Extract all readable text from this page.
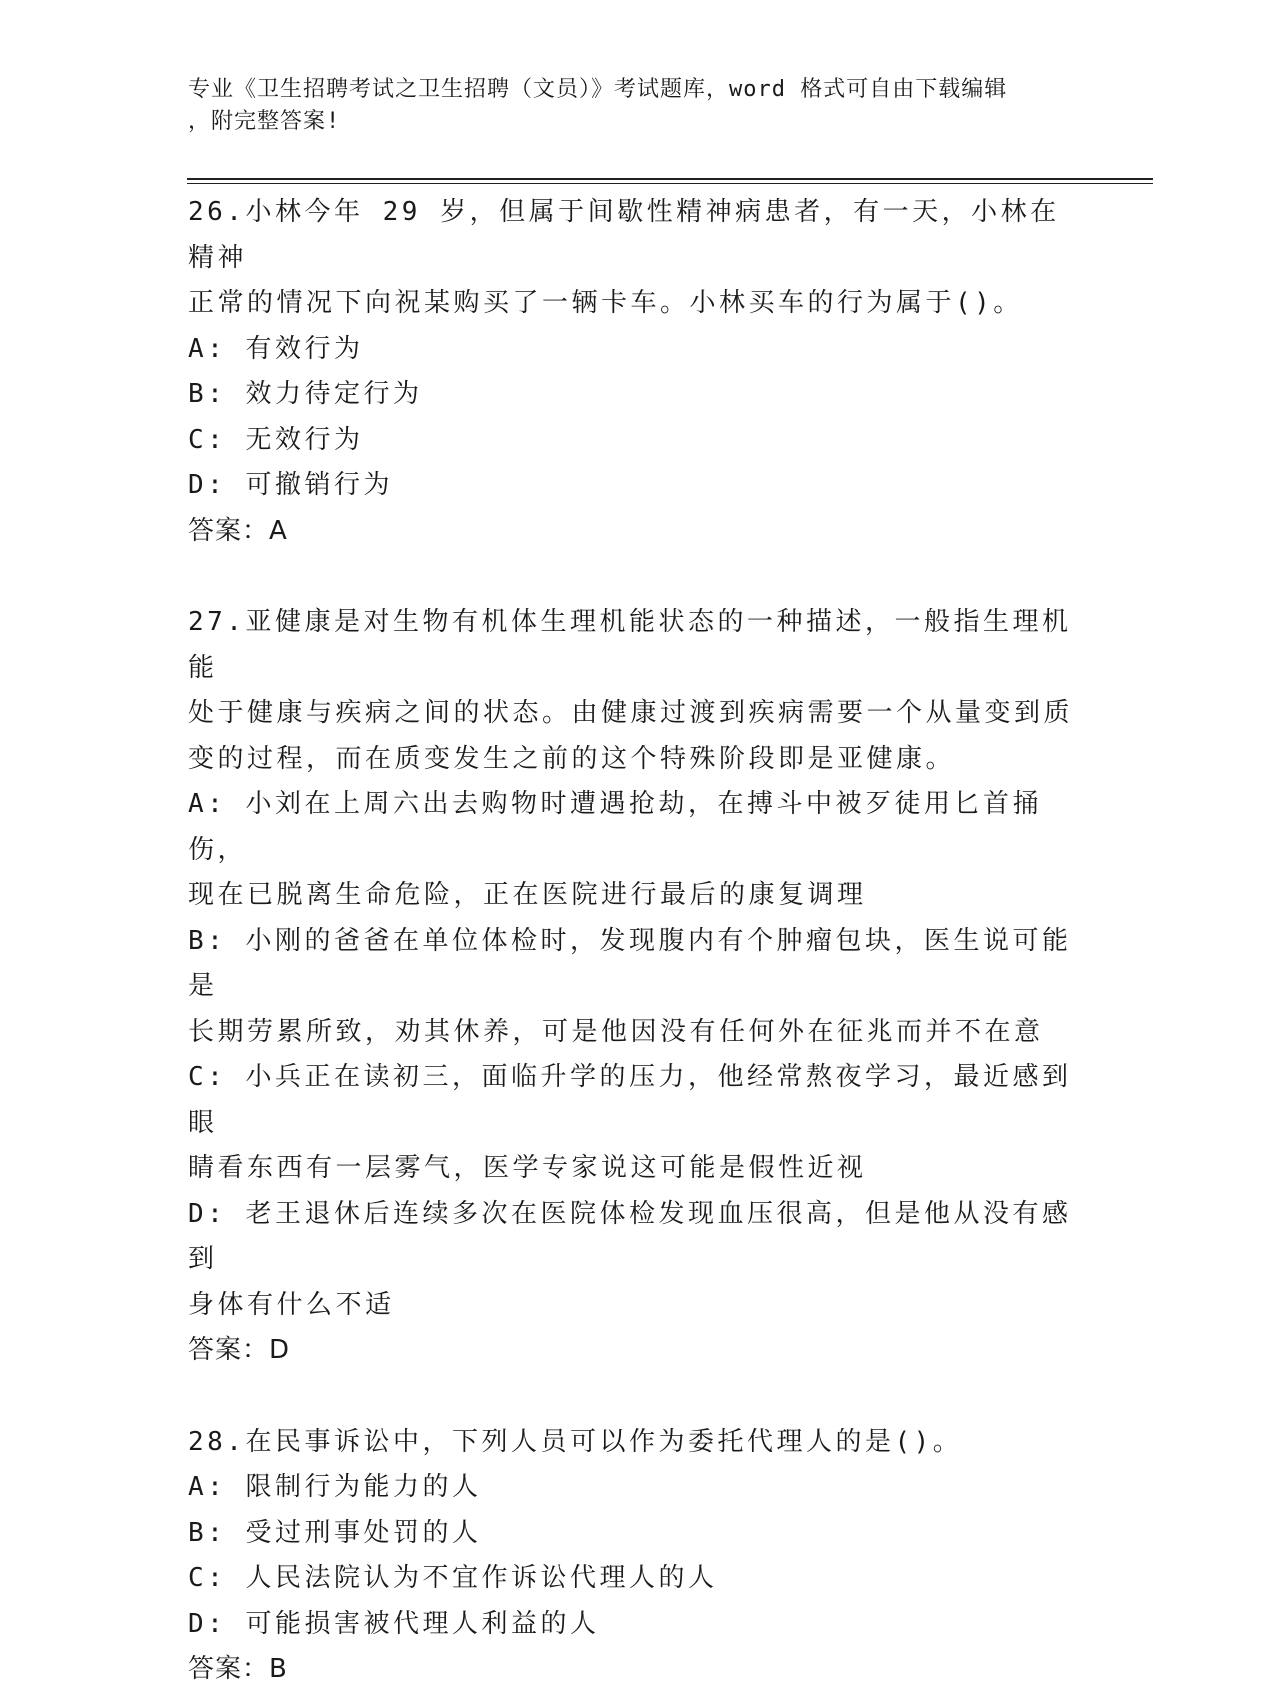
专业《卫生招聘考试之卫生招聘（文员）》考试题库，word 格式可自由下载编辑
，附完整答案!

26.小林今年 29 岁，但属于间歇性精神病患者，有一天，小林在精神

正常的情况下向祝某购买了一辆卡车。小林买车的行为属于()。

A: 有效行为

B: 效力待定行为

C: 无效行为

D: 可撤销行为

答案：A

27.亚健康是对生物有机体生理机能状态的一种描述，一般指生理机能

处于健康与疾病之间的状态。由健康过渡到疾病需要一个从量变到质

变的过程，而在质变发生之前的这个特殊阶段即是亚健康。

A: 小刘在上周六出去购物时遭遇抢劫，在搏斗中被歹徒用匕首捅伤，

现在已脱离生命危险，正在医院进行最后的康复调理

B: 小刚的爸爸在单位体检时，发现腹内有个肿瘤包块，医生说可能是

长期劳累所致，劝其休养，可是他因没有任何外在征兆而并不在意

C: 小兵正在读初三，面临升学的压力，他经常熬夜学习，最近感到眼

睛看东西有一层雾气，医学专家说这可能是假性近视

D: 老王退休后连续多次在医院体检发现血压很高，但是他从没有感到

身体有什么不适

答案：D

28.在民事诉讼中，下列人员可以作为委托代理人的是()。

A: 限制行为能力的人

B: 受过刑事处罚的人

C: 人民法院认为不宜作诉讼代理人的人

D: 可能损害被代理人利益的人

答案：B
